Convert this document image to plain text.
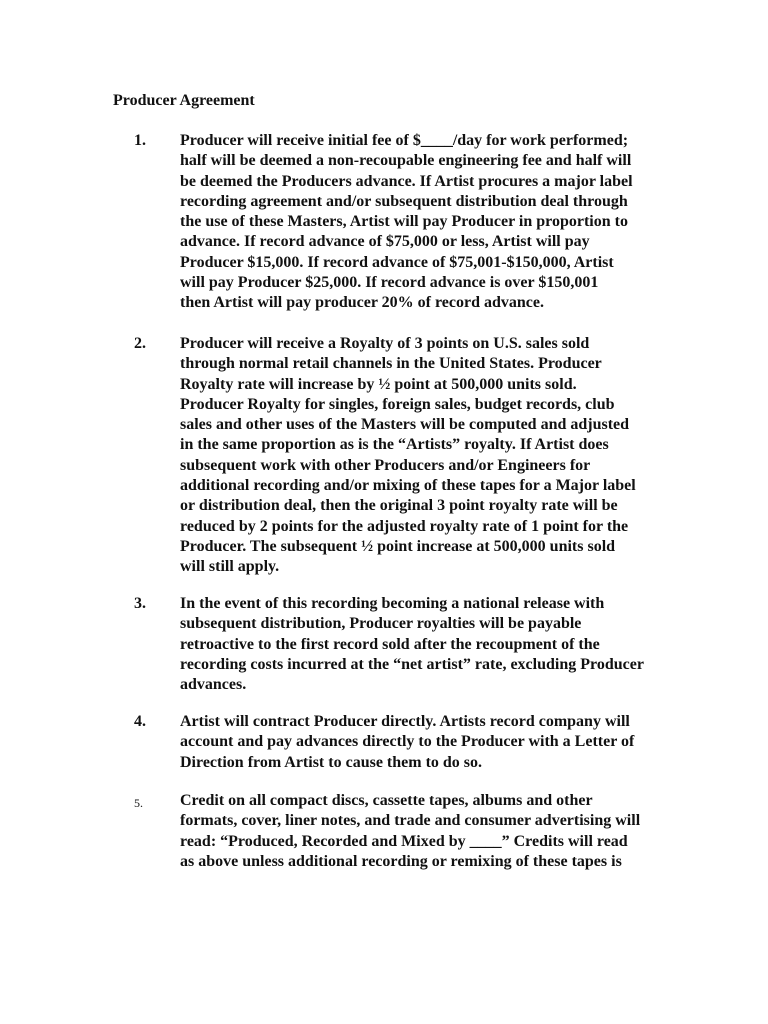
Producer Agreement
1. Producer will receive initial fee of $____/day for work performed;
half will be deemed a non-recoupable engineering fee and half will
be deemed the Producers advance. If Artist procures a major label
recording agreement and/or subsequent distribution deal through
the use of these Masters, Artist will pay Producer in proportion to
advance. If record advance of $75,000 or less, Artist will pay
Producer $15,000. If record advance of $75,001-$150,000, Artist
will pay Producer $25,000. If record advance is over $150,001
then Artist will pay producer 20% of record advance.

2. Producer will receive a Royalty of 3 points on U.S. sales sold
through normal retail channels in the United States. Producer
Royalty rate will increase by ½ point at 500,000 units sold.
Producer Royalty for singles, foreign sales, budget records, club
sales and other uses of the Masters will be computed and adjusted
in the same proportion as is the “Artists” royalty. If Artist does
subsequent work with other Producers and/or Engineers for
additional recording and/or mixing of these tapes for a Major label
or distribution deal, then the original 3 point royalty rate will be
reduced by 2 points for the adjusted royalty rate of 1 point for the
Producer. The subsequent ½ point increase at 500,000 units sold
will still apply.

3. In the event of this recording becoming a national release with
subsequent distribution, Producer royalties will be payable
retroactive to the first record sold after the recoupment of the
recording costs incurred at the “net artist” rate, excluding Producer
advances.

4. Artist will contract Producer directly. Artists record company will
account and pay advances directly to the Producer with a Letter of
Direction from Artist to cause them to do so.

5. Credit on all compact discs, cassette tapes, albums and other
formats, cover, liner notes, and trade and consumer advertising will
read: “Produced, Recorded and Mixed by ____” Credits will read
as above unless additional recording or remixing of these tapes is
